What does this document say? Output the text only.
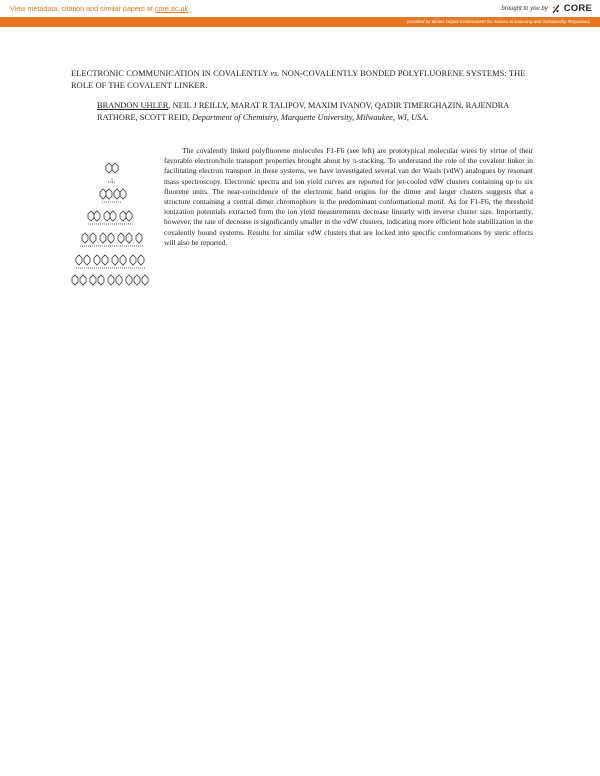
View metadata, citation and similar papers at core.ac.uk	brought to you by CORE
provided by Illinois Digital Environment for Access to Learning and Scholarship Repository
ELECTRONIC COMMUNICATION IN COVALENTLY vs. NON-COVALENTLY BONDED POLYFLUORENE SYSTEMS: THE ROLE OF THE COVALENT LINKER.
BRANDON UHLER, NEIL J REILLY, MARAT R TALIPOV, MAXIM IVANOV, QADIR TIMERGHAZIN, RAJENDRA RATHORE, SCOTT REID, Department of Chemistry, Marquette University, Milwaukee, WI, USA.
The covalently linked polyfluorene molecules F1-F6 (see left) are prototypical molecular wires by virtue of their favorable electron/hole transport properties brought about by π-stacking. To understand the role of the covalent linker in facilitating electron transport in these systems, we have investigated several van der Waals (vdW) analogues by resonant mass spectroscopy. Electronic spectra and ion yield curves are reported for jet-cooled vdW clusters containing up to six fluorene units. The near-coincidence of the electronic band origins for the dimer and larger clusters suggests that a structure containing a central dimer chromophore is the predominant conformational motif. As for F1-F6, the threshold ionization potentials extracted from the ion yield measurements decrease linearly with inverse cluster size. Importantly, however, the rate of decrease is significantly smaller in the vdW clusters, indicating more efficient hole stabilization in the covalently bound systems. Results for similar vdW clusters that are locked into specific conformations by steric effects will also be reported.
